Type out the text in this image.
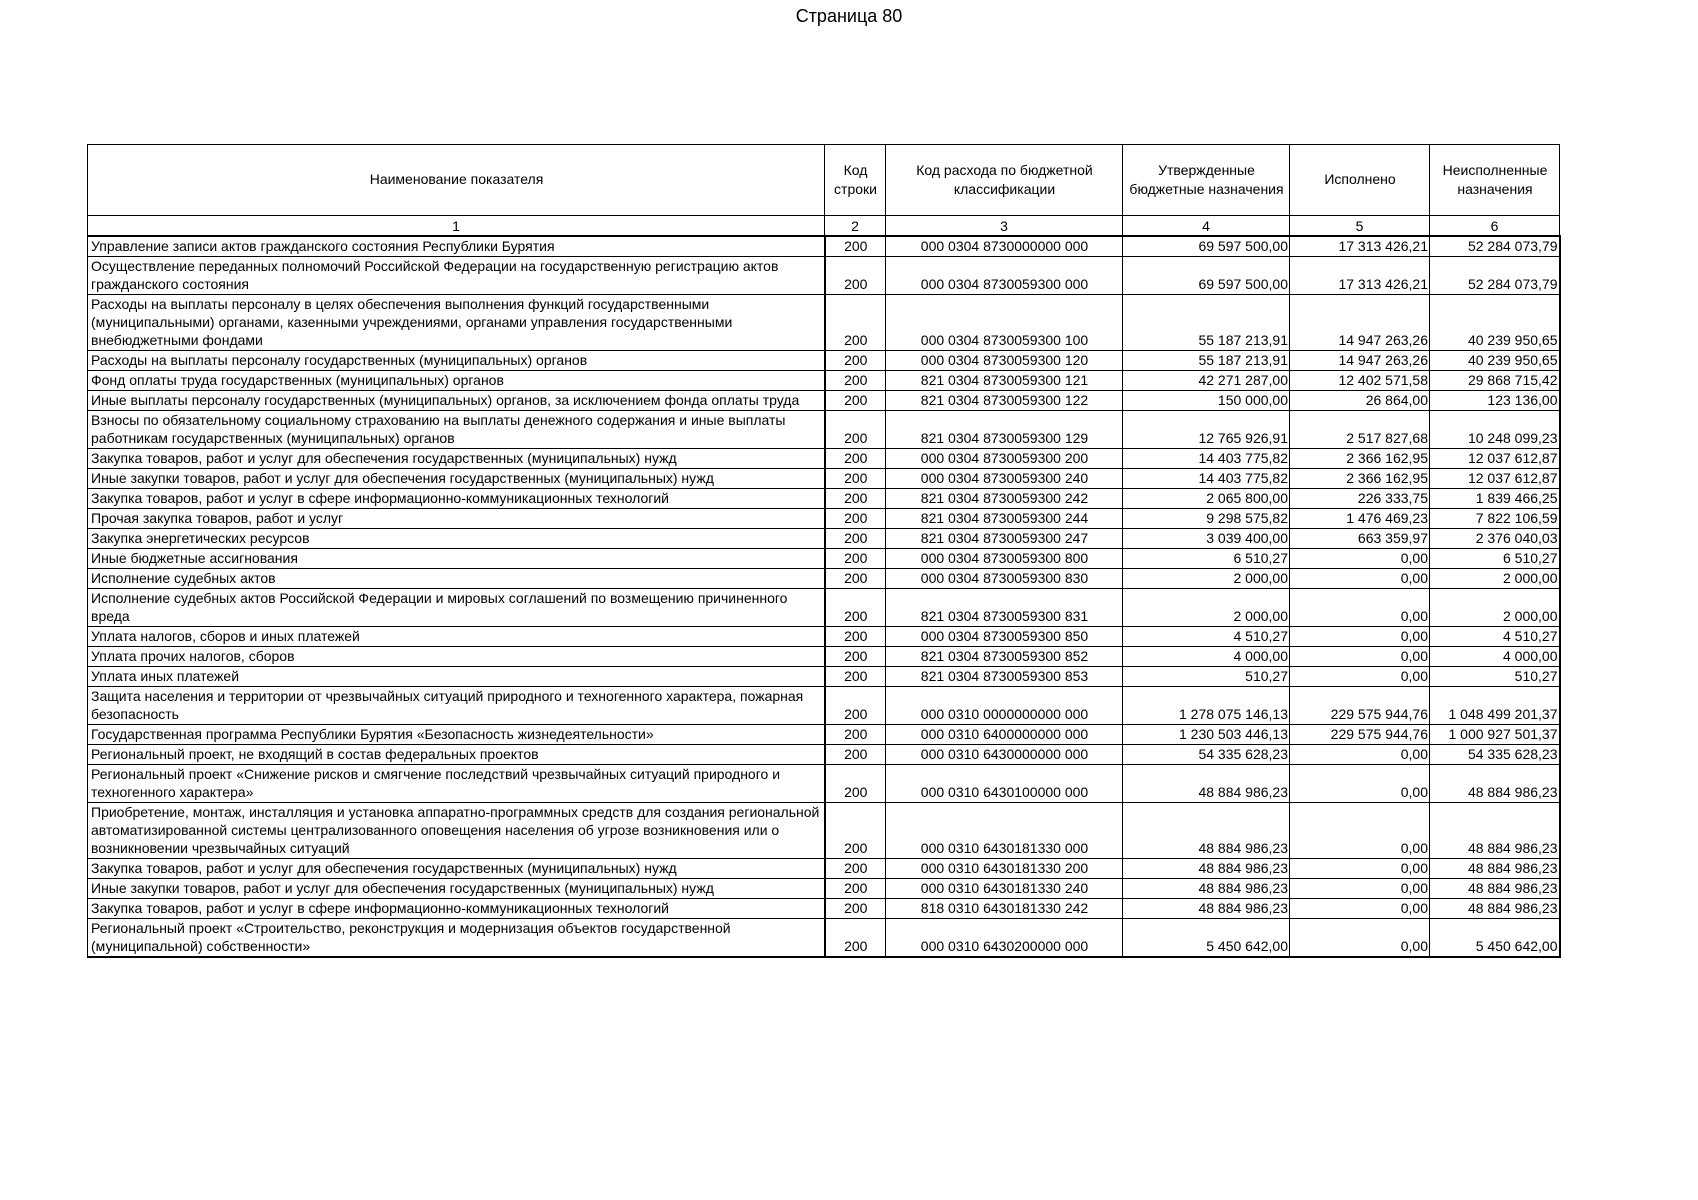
Страница 80
Наименование показателя	Код строки	Код расхода по бюджетной классификации	Утвержденные бюджетные назначения	Исполнено	Неисполненные назначения
1	2	3	4	5	6
Управление записи актов гражданского состояния Республики Бурятия	200	000 0304 8730000000 000	69 597 500,00	17 313 426,21	52 284 073,79
Осуществление переданных полномочий Российской Федерации на государственную регистрацию актов гражданского состояния	200	000 0304 8730059300 000	69 597 500,00	17 313 426,21	52 284 073,79
Расходы на выплаты персоналу в целях обеспечения выполнения функций государственными (муниципальными) органами, казенными учреждениями, органами управления государственными внебюджетными фондами	200	000 0304 8730059300 100	55 187 213,91	14 947 263,26	40 239 950,65
Расходы на выплаты персоналу государственных (муниципальных) органов	200	000 0304 8730059300 120	55 187 213,91	14 947 263,26	40 239 950,65
Фонд оплаты труда государственных (муниципальных) органов	200	821 0304 8730059300 121	42 271 287,00	12 402 571,58	29 868 715,42
Иные выплаты персоналу государственных (муниципальных) органов, за исключением фонда оплаты труда	200	821 0304 8730059300 122	150 000,00	26 864,00	123 136,00
Взносы по обязательному социальному страхованию на выплаты денежного содержания и иные выплаты работникам государственных (муниципальных) органов	200	821 0304 8730059300 129	12 765 926,91	2 517 827,68	10 248 099,23
Закупка товаров, работ и услуг для обеспечения государственных (муниципальных) нужд	200	000 0304 8730059300 200	14 403 775,82	2 366 162,95	12 037 612,87
Иные закупки товаров, работ и услуг для обеспечения государственных (муниципальных) нужд	200	000 0304 8730059300 240	14 403 775,82	2 366 162,95	12 037 612,87
Закупка товаров, работ и услуг в сфере информационно-коммуникационных технологий	200	821 0304 8730059300 242	2 065 800,00	226 333,75	1 839 466,25
Прочая закупка товаров, работ и услуг	200	821 0304 8730059300 244	9 298 575,82	1 476 469,23	7 822 106,59
Закупка энергетических ресурсов	200	821 0304 8730059300 247	3 039 400,00	663 359,97	2 376 040,03
Иные бюджетные ассигнования	200	000 0304 8730059300 800	6 510,27	0,00	6 510,27
Исполнение судебных актов	200	000 0304 8730059300 830	2 000,00	0,00	2 000,00
Исполнение судебных актов Российской Федерации и мировых соглашений по возмещению причиненного вреда	200	821 0304 8730059300 831	2 000,00	0,00	2 000,00
Уплата налогов, сборов и иных платежей	200	000 0304 8730059300 850	4 510,27	0,00	4 510,27
Уплата прочих налогов, сборов	200	821 0304 8730059300 852	4 000,00	0,00	4 000,00
Уплата иных платежей	200	821 0304 8730059300 853	510,27	0,00	510,27
Защита населения и территории от чрезвычайных ситуаций природного и техногенного характера, пожарная безопасность	200	000 0310 0000000000 000	1 278 075 146,13	229 575 944,76	1 048 499 201,37
Государственная программа Республики Бурятия «Безопасность жизнедеятельности»	200	000 0310 6400000000 000	1 230 503 446,13	229 575 944,76	1 000 927 501,37
Региональный проект, не входящий в состав федеральных проектов	200	000 0310 6430000000 000	54 335 628,23	0,00	54 335 628,23
Региональный проект «Снижение рисков и смягчение последствий чрезвычайных ситуаций природного и техногенного характера»	200	000 0310 6430100000 000	48 884 986,23	0,00	48 884 986,23
Приобретение, монтаж, инсталляция и установка аппаратно-программных средств для создания региональной автоматизированной системы централизованного оповещения населения об угрозе возникновения или о возникновении чрезвычайных ситуаций	200	000 0310 6430181330 000	48 884 986,23	0,00	48 884 986,23
Закупка товаров, работ и услуг для обеспечения государственных (муниципальных) нужд	200	000 0310 6430181330 200	48 884 986,23	0,00	48 884 986,23
Иные закупки товаров, работ и услуг для обеспечения государственных (муниципальных) нужд	200	000 0310 6430181330 240	48 884 986,23	0,00	48 884 986,23
Закупка товаров, работ и услуг в сфере информационно-коммуникационных технологий	200	818 0310 6430181330 242	48 884 986,23	0,00	48 884 986,23
Региональный проект «Строительство, реконструкция и модернизация объектов государственной (муниципальной) собственности»	200	000 0310 6430200000 000	5 450 642,00	0,00	5 450 642,00
